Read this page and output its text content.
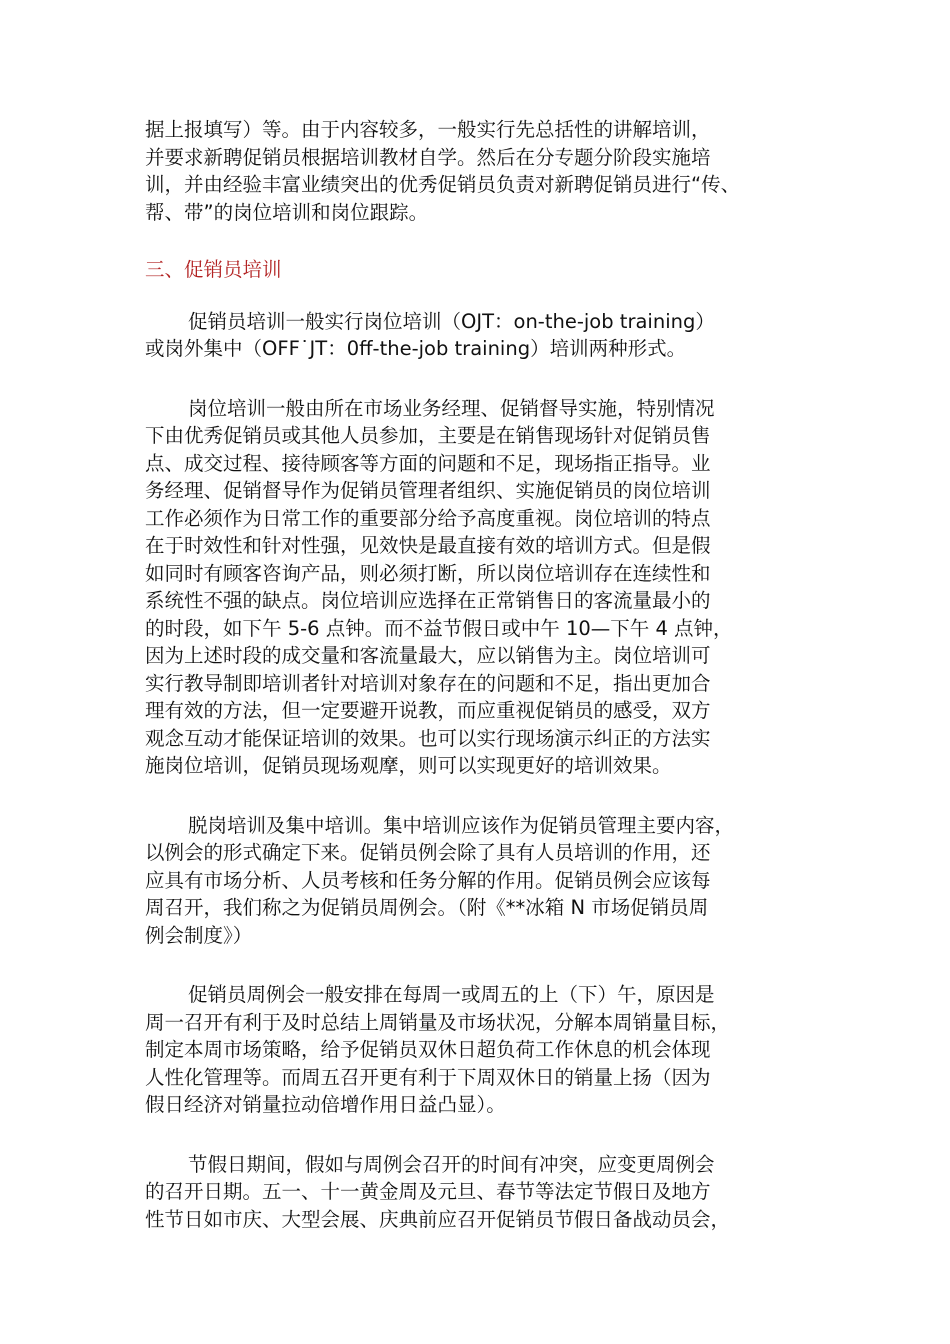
据上报填写）等。由于内容较多，一般实行先总括性的讲解培训，
并要求新聘促销员根据培训教材自学。然后在分专题分阶段实施培
训，并由经验丰富业绩突出的优秀促销员负责对新聘促销员进行“传、
帮、带”的岗位培训和岗位跟踪。
三、促销员培训
促销员培训一般实行岗位培训（OJT：on-the-job training）
或岗外集中（OFF˙JT：0ff-the-job training）培训两种形式。
岗位培训一般由所在市场业务经理、促销督导实施，特别情况
下由优秀促销员或其他人员参加，主要是在销售现场针对促销员售
点、成交过程、接待顾客等方面的问题和不足，现场指正指导。业
务经理、促销督导作为促销员管理者组织、实施促销员的岗位培训
工作必须作为日常工作的重要部分给予高度重视。岗位培训的特点
在于时效性和针对性强，见效快是最直接有效的培训方式。但是假
如同时有顾客咨询产品，则必须打断，所以岗位培训存在连续性和
系统性不强的缺点。岗位培训应选择在正常销售日的客流量最小的
的时段，如下午 5-6 点钟。而不益节假日或中午 10—下午 4 点钟，
因为上述时段的成交量和客流量最大，应以销售为主。岗位培训可
实行教导制即培训者针对培训对象存在的问题和不足，指出更加合
理有效的方法，但一定要避开说教，而应重视促销员的感受，双方
观念互动才能保证培训的效果。也可以实行现场演示纠正的方法实
施岗位培训，促销员现场观摩，则可以实现更好的培训效果。
脱岗培训及集中培训。集中培训应该作为促销员管理主要内容，
以例会的形式确定下来。促销员例会除了具有人员培训的作用，还
应具有市场分析、人员考核和任务分解的作用。促销员例会应该每
周召开，我们称之为促销员周例会。（附《**冰箱 N 市场促销员周
例会制度》）
促销员周例会一般安排在每周一或周五的上（下）午，原因是
周一召开有利于及时总结上周销量及市场状况，分解本周销量目标，
制定本周市场策略，给予促销员双休日超负荷工作休息的机会体现
人性化管理等。而周五召开更有利于下周双休日的销量上扬（因为
假日经济对销量拉动倍增作用日益凸显）。
节假日期间，假如与周例会召开的时间有冲突，应变更周例会
的召开日期。五一、十一黄金周及元旦、春节等法定节假日及地方
性节日如市庆、大型会展、庆典前应召开促销员节假日备战动员会，
